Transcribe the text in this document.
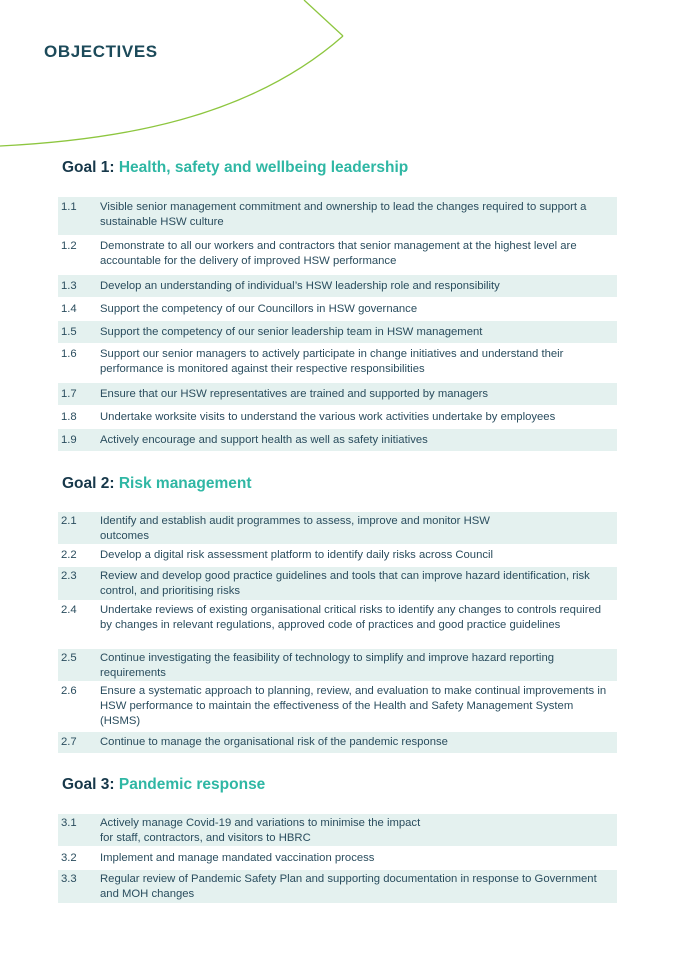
OBJECTIVES
Goal 1: Health, safety and wellbeing leadership
1.1	Visible senior management commitment and ownership to lead the changes required to support a sustainable HSW culture
1.2	Demonstrate to all our workers and contractors that senior management at the highest level are accountable for the delivery of improved HSW performance
1.3	Develop an understanding of individual’s HSW leadership role and responsibility
1.4	Support the competency of our Councillors in HSW governance
1.5	Support the competency of our senior leadership team in HSW management
1.6	Support our senior managers to actively participate in change initiatives and understand their performance is monitored against their respective responsibilities
1.7	Ensure that our HSW representatives are trained and supported by managers
1.8	Undertake worksite visits to understand the various work activities undertake by employees
1.9	Actively encourage and support health as well as safety initiatives
Goal 2: Risk management
2.1	Identify and establish audit programmes to assess, improve and monitor HSW
outcomes
2.2	Develop a digital risk assessment platform to identify daily risks across Council
2.3	Review and develop good practice guidelines and tools that can improve hazard identification, risk control, and prioritising risks
2.4	Undertake reviews of existing organisational critical risks to identify any changes to controls required by changes in relevant regulations, approved code of practices and good practice guidelines
2.5	Continue investigating the feasibility of technology to simplify and improve hazard reporting requirements
2.6	Ensure a systematic approach to planning, review, and evaluation to make continual improvements in HSW performance to maintain the effectiveness of the Health and Safety Management System (HSMS)
2.7	Continue to manage the organisational risk of the pandemic response
Goal 3: Pandemic response
3.1	Actively manage Covid-19 and variations to minimise the impact
for staff, contractors, and visitors to HBRC
3.2	Implement and manage mandated vaccination process
3.3	Regular review of Pandemic Safety Plan and supporting documentation in response to Government and MOH changes
